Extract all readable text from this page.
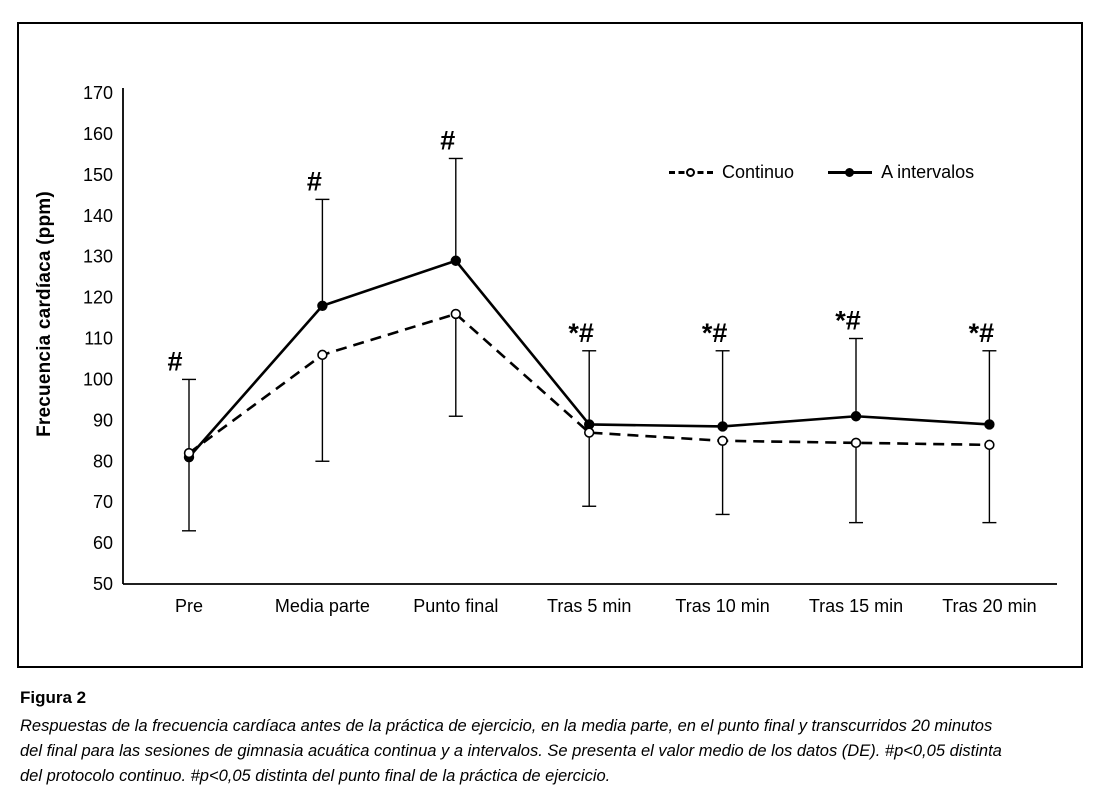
Frecuencia cardíaca (ppm)
50
60
70
80
90
100
110
120
130
140
150
160
170
Pre	Media parte Punto final	Tras 5 min Tras 10 min Tras 15 min Tras 20 min
#
#
#
*#	*#	*#	*#
Continuo	A intervalos
Figura 2
Respuestas de la frecuencia cardíaca antes de la práctica de ejercicio, en la media parte, en el punto final y transcurridos 20 minutos
del final para las sesiones de gimnasia acuática continua y a intervalos. Se presenta el valor medio de los datos (DE). #p<0,05 distinta
del protocolo continuo. #p<0,05 distinta del punto final de la práctica de ejercicio.
